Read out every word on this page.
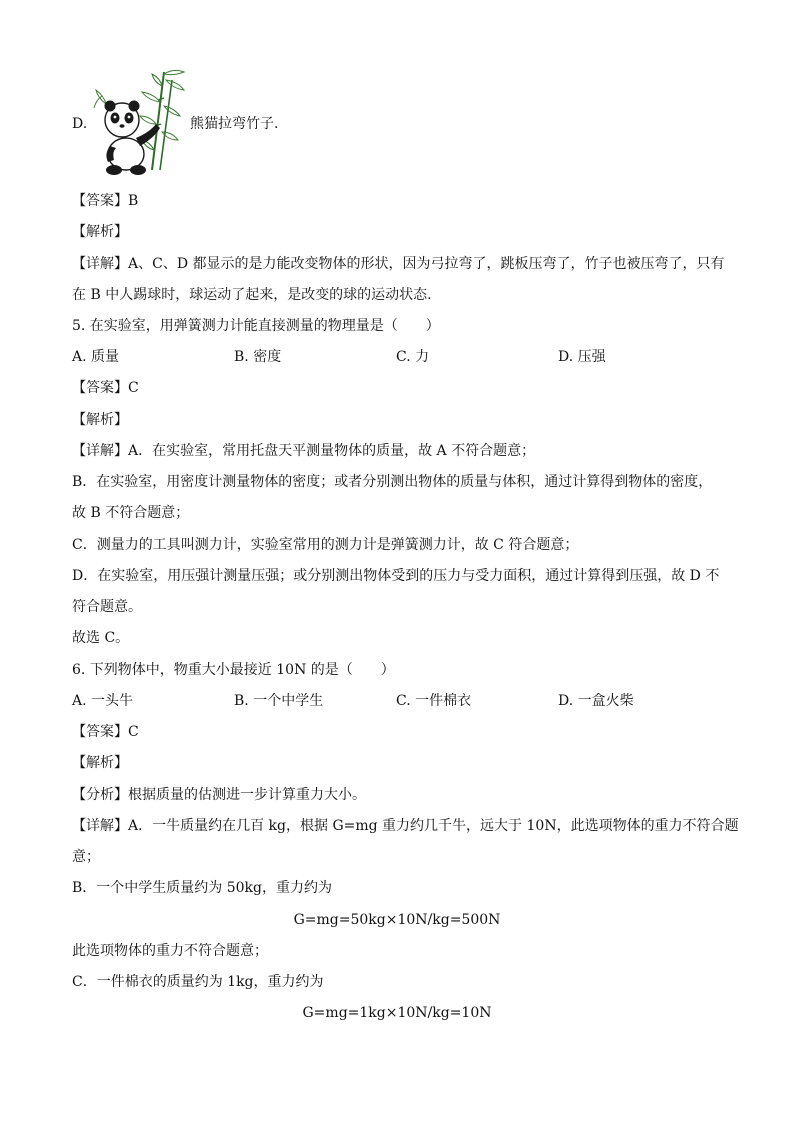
D.	熊猫拉弯竹子.
【答案】B
【解析】
【详解】A、C、D 都显示的是力能改变物体的形状，因为弓拉弯了，跳板压弯了，竹子也被压弯了，只有
在 B 中人踢球时，球运动了起来，是改变的球的运动状态.
5. 在实验室，用弹簧测力计能直接测量的物理量是（　　）
A. 质量	B. 密度	C. 力	D. 压强
【答案】C
【解析】
【详解】A．在实验室，常用托盘天平测量物体的质量，故 A 不符合题意；
B．在实验室，用密度计测量物体的密度；或者分别测出物体的质量与体积，通过计算得到物体的密度，
故 B 不符合题意；
C．测量力的工具叫测力计，实验室常用的测力计是弹簧测力计，故 C 符合题意；
D．在实验室，用压强计测量压强；或分别测出物体受到的压力与受力面积，通过计算得到压强，故 D 不
符合题意。
故选 C。
6. 下列物体中，物重大小最接近 10N 的是（　　）
A. 一头牛	B. 一个中学生	C. 一件棉衣	D. 一盒火柴
【答案】C
【解析】
【分析】根据质量的估测进一步计算重力大小。
【详解】A．一牛质量约在几百 kg，根据 G=mg 重力约几千牛，远大于 10N，此选项物体的重力不符合题
意；
B．一个中学生质量约为 50kg，重力约为
G=mg=50kg×10N/kg=500N
此选项物体的重力不符合题意；
C．一件棉衣的质量约为 1kg，重力约为
G=mg=1kg×10N/kg=10N
